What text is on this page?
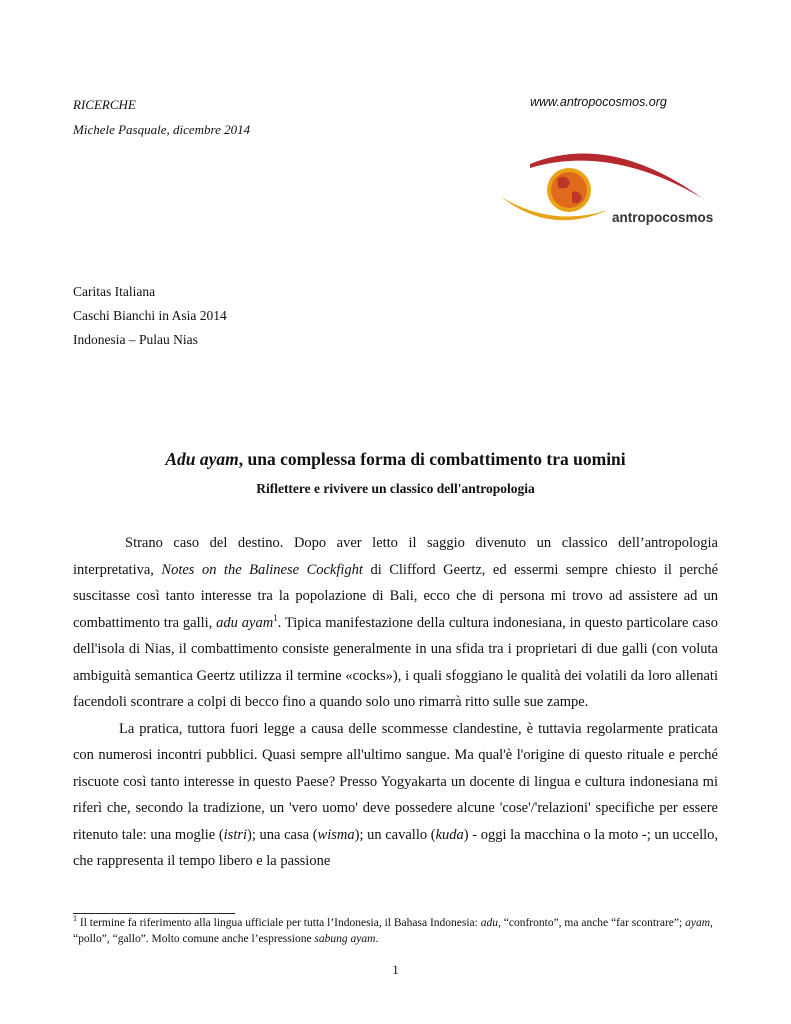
RICERCHE
Michele Pasquale, dicembre 2014
www.antropocosmos.org
antropocosmos
Caritas Italiana
Caschi Bianchi in Asia 2014
Indonesia – Pulau Nias
Adu ayam, una complessa forma di combattimento tra uomini
Riflettere e rivivere un classico dell'antropologia

Strano caso del destino. Dopo aver letto il saggio divenuto un classico dell’antropologia interpretativa, Notes on the Balinese Cockfight di Clifford Geertz, ed essermi sempre chiesto il perché suscitasse così tanto interesse tra la popolazione di Bali, ecco che di persona mi trovo ad assistere ad un combattimento tra galli, adu ayam$^1$. Tipica manifestazione della cultura indonesiana, in questo particolare caso dell'isola di Nias, il combattimento consiste generalmente in una sfida tra i proprietari di due galli (con voluta ambiguità semantica Geertz utilizza il termine «cocks»), i quali sfoggiano le qualità dei volatili da loro allenati facendoli scontrare a colpi di becco fino a quando solo uno rimarrà ritto sulle sue zampe.

La pratica, tuttora fuori legge a causa delle scommesse clandestine, è tuttavia regolarmente praticata con numerosi incontri pubblici. Quasi sempre all'ultimo sangue. Ma qual'è l'origine di questo rituale e perché riscuote così tanto interesse in questo Paese? Presso Yogyakarta un docente di lingua e cultura indonesiana mi riferì che, secondo la tradizione, un 'vero uomo' deve possedere alcune 'cose'/'relazioni' specifiche per essere ritenuto tale: una moglie (istri); una casa (wisma); un cavallo (kuda) - oggi la macchina o la moto -; un uccello, che rappresenta il tempo libero e la passione

$^1$ Il termine fa riferimento alla lingua ufficiale per tutta l’Indonesia, il Bahasa Indonesia: adu, “confronto”, ma anche “far scontrare”; ayam, “pollo”, “gallo”. Molto comune anche l’espressione sabung ayam.
1
